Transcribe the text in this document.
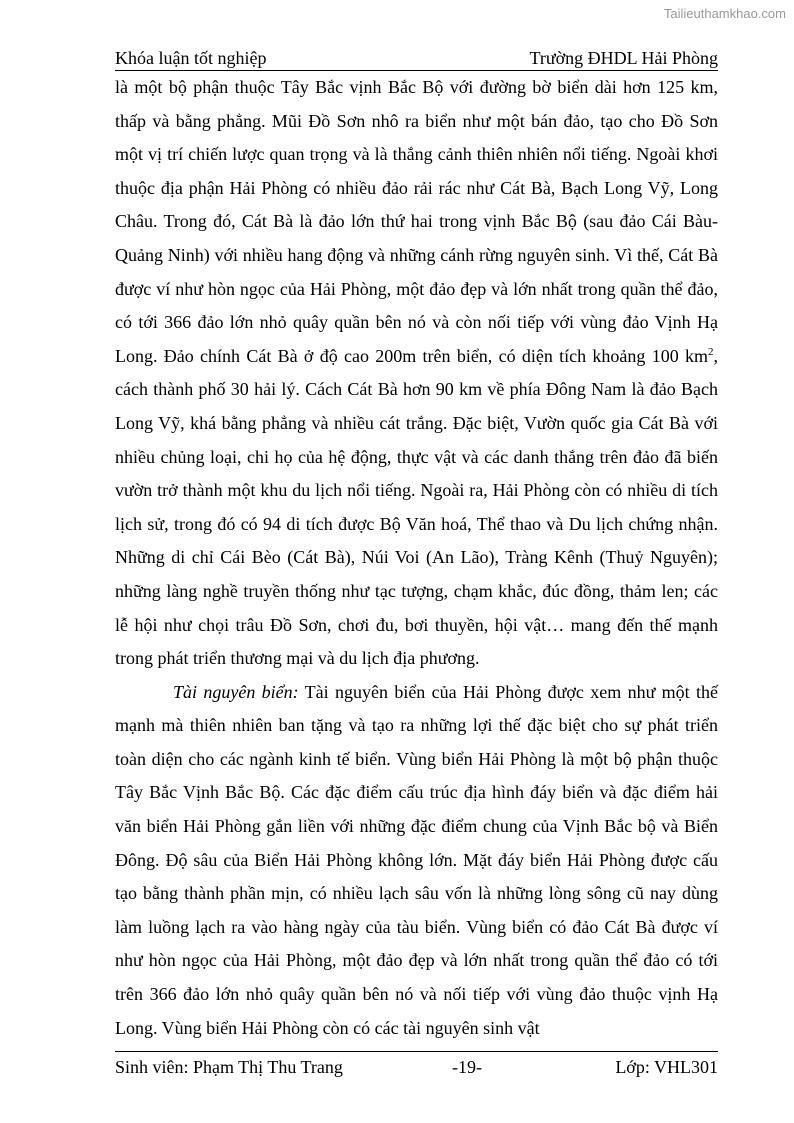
Tailieuthamkhao.com
Khóa luận tốt nghiệp	Trường ĐHDL Hải Phòng

là một bộ phận thuộc Tây Bắc vịnh Bắc Bộ với đường bờ biển dài hơn 125 km, thấp và bằng phẳng. Mũi Đồ Sơn nhô ra biển như một bán đảo, tạo cho Đồ Sơn một vị trí chiến lược quan trọng và là thắng cảnh thiên nhiên nổi tiếng. Ngoài khơi thuộc địa phận Hải Phòng có nhiều đảo rải rác như Cát Bà, Bạch Long Vỹ, Long Châu. Trong đó, Cát Bà là đảo lớn thứ hai trong vịnh Bắc Bộ (sau đảo Cái Bàu- Quảng Ninh) với nhiều hang động và những cánh rừng nguyên sinh. Vì thế, Cát Bà được ví như hòn ngọc của Hải Phòng, một đảo đẹp và lớn nhất trong quần thể đảo, có tới 366 đảo lớn nhỏ quây quần bên nó và còn nối tiếp với vùng đảo Vịnh Hạ Long. Đảo chính Cát Bà ở độ cao 200m trên biển, có diện tích khoảng 100 $km^2$, cách thành phố 30 hải lý. Cách Cát Bà hơn 90 km về phía Đông Nam là đảo Bạch Long Vỹ, khá bằng phẳng và nhiều cát trắng. Đặc biệt, Vườn quốc gia Cát Bà với nhiều chủng loại, chi họ của hệ động, thực vật và các danh thắng trên đảo đã biến vườn trở thành một khu du lịch nổi tiếng. Ngoài ra, Hải Phòng còn có nhiều di tích lịch sử, trong đó có 94 di tích được Bộ Văn hoá, Thể thao và Du lịch chứng nhận. Những di chỉ Cái Bèo (Cát Bà), Núi Voi (An Lão), Tràng Kênh (Thuỷ Nguyên); những làng nghề truyền thống như tạc tượng, chạm khắc, đúc đồng, thảm len; các lễ hội như chọi trâu Đồ Sơn, chơi đu, bơi thuyền, hội vật… mang đến thế mạnh trong phát triển thương mại và du lịch địa phương.

Tài nguyên biển: Tài nguyên biển của Hải Phòng được xem như một thế mạnh mà thiên nhiên ban tặng và tạo ra những lợi thế đặc biệt cho sự phát triển toàn diện cho các ngành kinh tế biển. Vùng biển Hải Phòng là một bộ phận thuộc Tây Bắc Vịnh Bắc Bộ. Các đặc điểm cấu trúc địa hình đáy biển và đặc điểm hải văn biển Hải Phòng gắn liền với những đặc điểm chung của Vịnh Bắc bộ và Biển Đông. Độ sâu của Biển Hải Phòng không lớn. Mặt đáy biển Hải Phòng được cấu tạo bằng thành phần mịn, có nhiều lạch sâu vốn là những lòng sông cũ nay dùng làm luồng lạch ra vào hàng ngày của tàu biển. Vùng biển có đảo Cát Bà được ví như hòn ngọc của Hải Phòng, một đảo đẹp và lớn nhất trong quần thể đảo có tới trên 366 đảo lớn nhỏ quây quần bên nó và nối tiếp với vùng đảo thuộc vịnh Hạ Long. Vùng biển Hải Phòng còn có các tài nguyên sinh vật

Sinh viên: Phạm Thị Thu Trang	-19-	Lớp: VHL301
